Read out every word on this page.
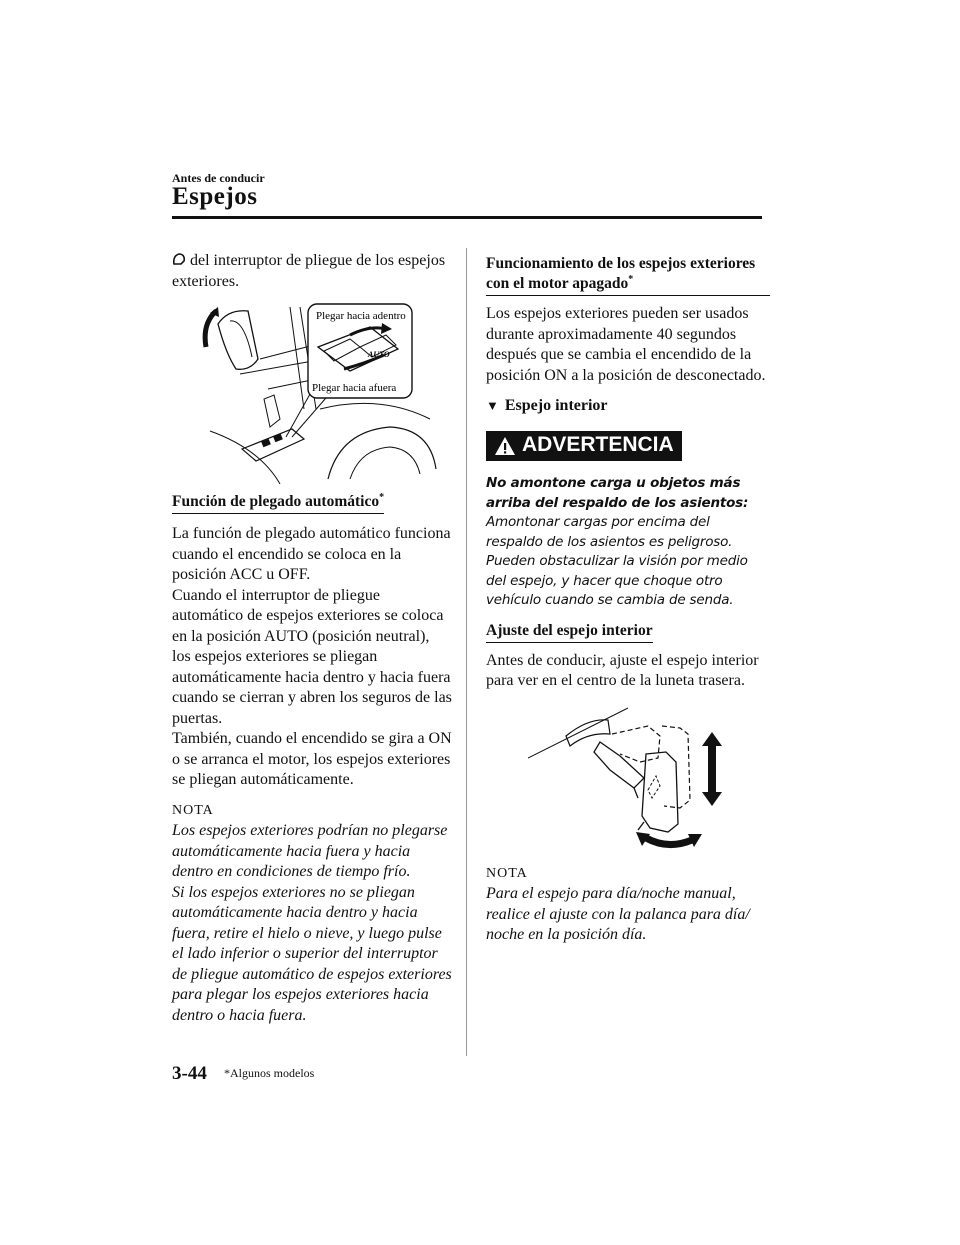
Antes de conducir
Espejos

del interruptor de pliegue de los espejos exteriores.

Plegar hacia adentro
Plegar hacia afuera
AUTO

Función de plegado automático*

La función de plegado automático funciona cuando el encendido se coloca en la posición ACC u OFF.

Cuando el interruptor de pliegue automático de espejos exteriores se coloca en la posición AUTO (posición neutral), los espejos exteriores se pliegan automáticamente hacia dentro y hacia fuera cuando se cierran y abren los seguros de las puertas.

También, cuando el encendido se gira a ON o se arranca el motor, los espejos exteriores se pliegan automáticamente.

NOTA

Los espejos exteriores podrían no plegarse automáticamente hacia fuera y hacia dentro en condiciones de tiempo frío.

Si los espejos exteriores no se pliegan automáticamente hacia dentro y hacia fuera, retire el hielo o nieve, y luego pulse el lado inferior o superior del interruptor de pliegue automático de espejos exteriores para plegar los espejos exteriores hacia dentro o hacia fuera.

Funcionamiento de los espejos exteriores con el motor apagado*

Los espejos exteriores pueden ser usados durante aproximadamente 40 segundos después que se cambia el encendido de la posición ON a la posición de desconectado.

▼ Espejo interior

ADVERTENCIA

No amontone carga u objetos más arriba del respaldo de los asientos:

Amontonar cargas por encima del respaldo de los asientos es peligroso. Pueden obstaculizar la visión por medio del espejo, y hacer que choque otro vehículo cuando se cambia de senda.

Ajuste del espejo interior

Antes de conducir, ajuste el espejo interior para ver en el centro de la luneta trasera.

NOTA

Para el espejo para día/noche manual, realice el ajuste con la palanca para día/ noche en la posición día.

3-44 *Algunos modelos
